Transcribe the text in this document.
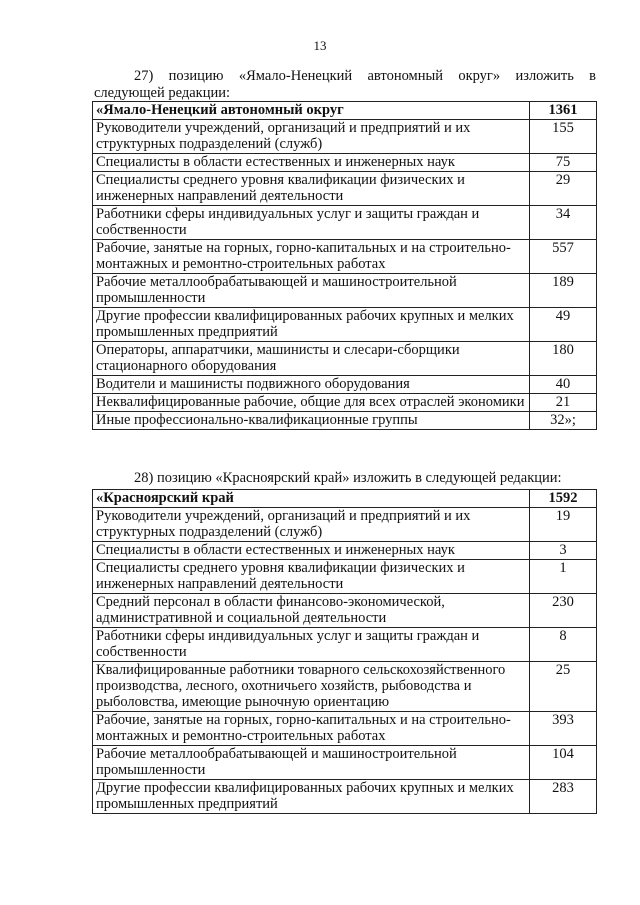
13
27) позицию «Ямало-Ненецкий автономный округ» изложить в следующей редакции:
«Ямало-Ненецкий автономный округ	1361
Руководители учреждений, организаций и предприятий и их структурных подразделений (служб)	155
Специалисты в области естественных и инженерных наук	75
Специалисты среднего уровня квалификации физических и инженерных направлений деятельности	29
Работники сферы индивидуальных услуг и защиты граждан и собственности	34
Рабочие, занятые на горных, горно-капитальных и на строительно-монтажных и ремонтно-строительных работах	557
Рабочие металлообрабатывающей и машиностроительной промышленности	189
Другие профессии квалифицированных рабочих крупных и мелких промышленных предприятий	49
Операторы, аппаратчики, машинисты и слесари-сборщики стационарного оборудования	180
Водители и машинисты подвижного оборудования	40
Неквалифицированные рабочие, общие для всех отраслей экономики	21
Иные профессионально-квалификационные группы	32»;
28) позицию «Красноярский край» изложить в следующей редакции:
«Красноярский край	1592
Руководители учреждений, организаций и предприятий и их структурных подразделений (служб)	19
Специалисты в области естественных и инженерных наук	3
Специалисты среднего уровня квалификации физических и инженерных направлений деятельности	1
Средний персонал в области финансово-экономической, административной и социальной деятельности	230
Работники сферы индивидуальных услуг и защиты граждан и собственности	8
Квалифицированные работники товарного сельскохозяйственного производства, лесного, охотничьего хозяйств, рыбоводства и рыболовства, имеющие рыночную ориентацию	25
Рабочие, занятые на горных, горно-капитальных и на строительно-монтажных и ремонтно-строительных работах	393
Рабочие металлообрабатывающей и машиностроительной промышленности	104
Другие профессии квалифицированных рабочих крупных и мелких промышленных предприятий	283
